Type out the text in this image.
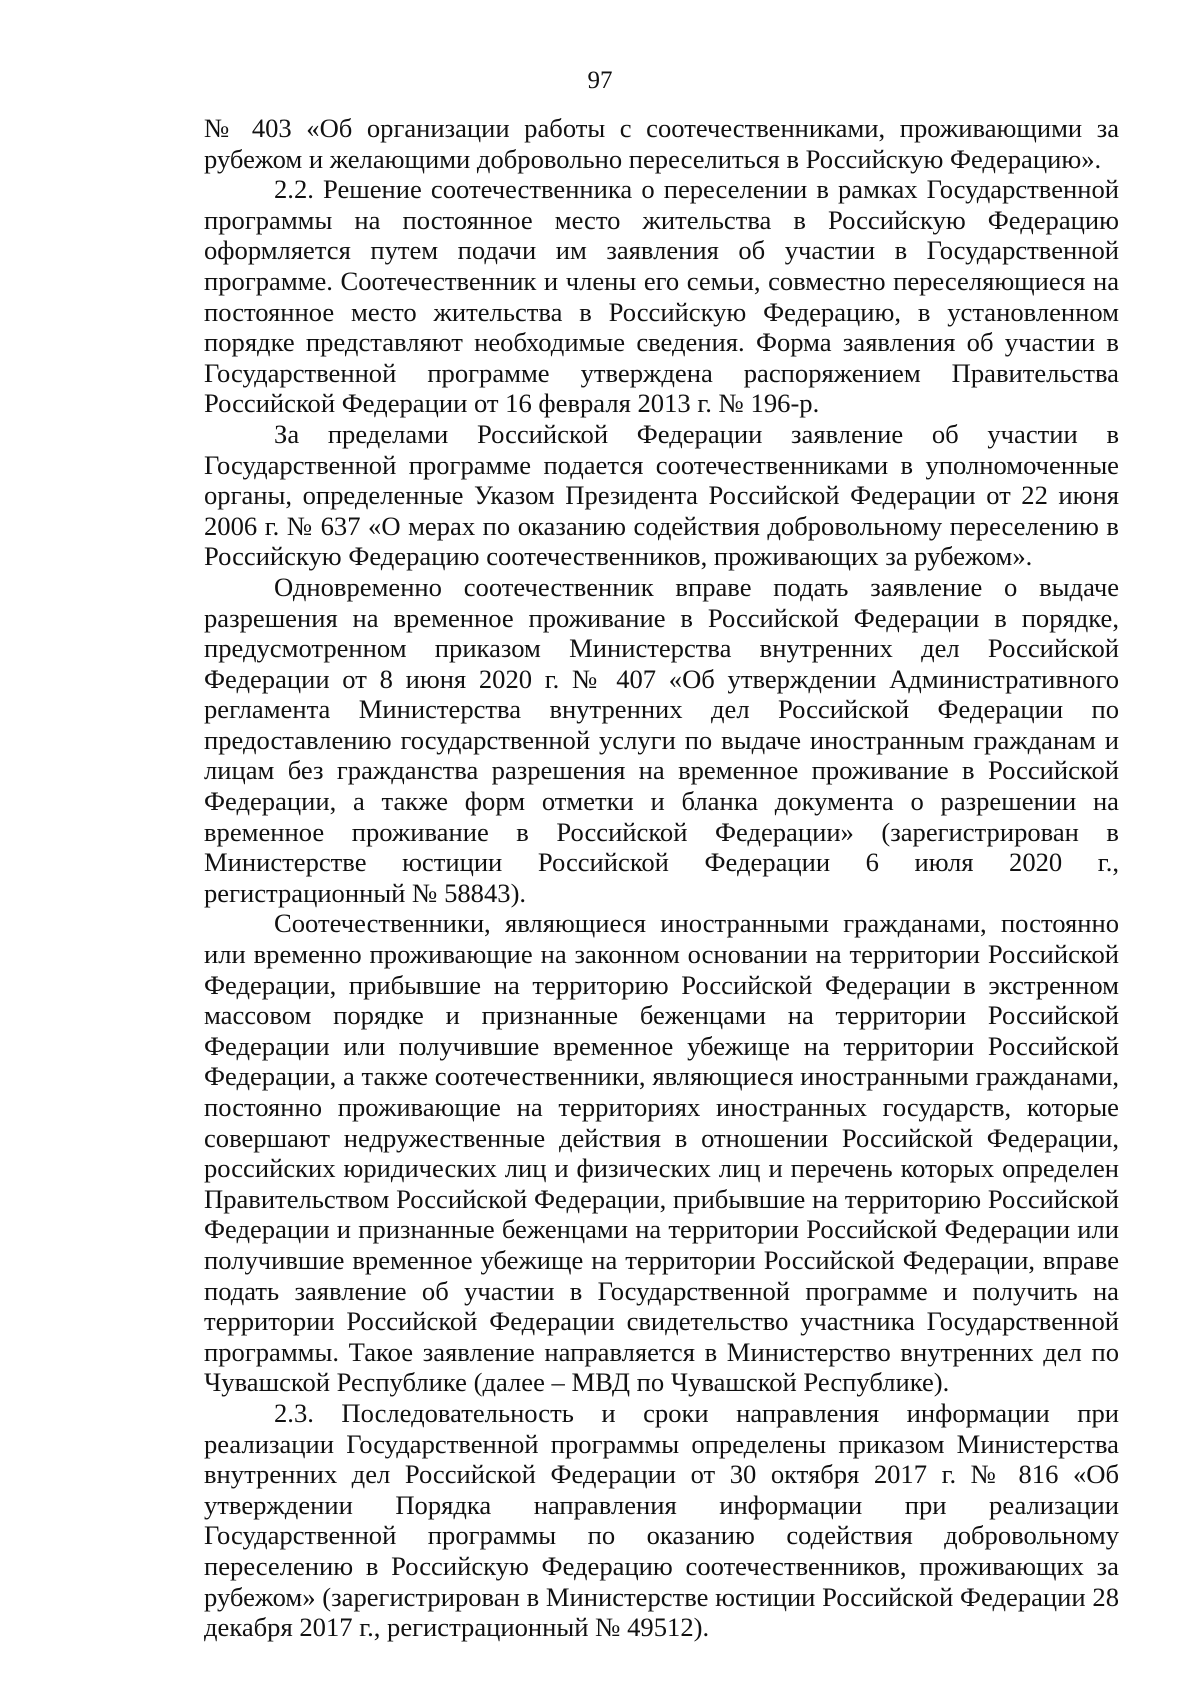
97

№ 403 «Об организации работы с соотечественниками, проживающими за рубежом и желающими добровольно переселиться в Российскую Федерацию».

2.2. Решение соотечественника о переселении в рамках Государственной программы на постоянное место жительства в Российскую Федерацию оформляется путем подачи им заявления об участии в Государственной программе. Соотечественник и члены его семьи, совместно переселяющиеся на постоянное место жительства в Российскую Федерацию, в установленном порядке представляют необходимые сведения. Форма заявления об участии в Государственной программе утверждена распоряжением Правительства Российской Федерации от 16 февраля 2013 г. № 196-р.

За пределами Российской Федерации заявление об участии в Государственной программе подается соотечественниками в уполномоченные органы, определенные Указом Президента Российской Федерации от 22 июня 2006 г. № 637 «О мерах по оказанию содействия добровольному переселению в Российскую Федерацию соотечественников, проживающих за рубежом».

Одновременно соотечественник вправе подать заявление о выдаче разрешения на временное проживание в Российской Федерации в порядке, предусмотренном приказом Министерства внутренних дел Российской Федерации от 8 июня 2020 г. № 407 «Об утверждении Административного регламента Министерства внутренних дел Российской Федерации по предоставлению государственной услуги по выдаче иностранным гражданам и лицам без гражданства разрешения на временное проживание в Российской Федерации, а также форм отметки и бланка документа о разрешении на временное проживание в Российской Федерации» (зарегистрирован в Министерстве юстиции Российской Федерации 6 июля 2020 г., регистрационный № 58843).

Соотечественники, являющиеся иностранными гражданами, постоянно или временно проживающие на законном основании на территории Российской Федерации, прибывшие на территорию Российской Федерации в экстренном массовом порядке и признанные беженцами на территории Российской Федерации или получившие временное убежище на территории Российской Федерации, а также соотечественники, являющиеся иностранными гражданами, постоянно проживающие на территориях иностранных государств, которые совершают недружественные действия в отношении Российской Федерации, российских юридических лиц и физических лиц и перечень которых определен Правительством Российской Федерации, прибывшие на территорию Российской Федерации и признанные беженцами на территории Российской Федерации или получившие временное убежище на территории Российской Федерации, вправе подать заявление об участии в Государственной программе и получить на территории Российской Федерации свидетельство участника Государственной программы. Такое заявление направляется в Министерство внутренних дел по Чувашской Республике (далее – МВД по Чувашской Республике).

2.3. Последовательность и сроки направления информации при реализации Государственной программы определены приказом Министерства внутренних дел Российской Федерации от 30 октября 2017 г. № 816 «Об утверждении Порядка направления информации при реализации Государственной программы по оказанию содействия добровольному переселению в Российскую Федерацию соотечественников, проживающих за рубежом» (зарегистрирован в Министерстве юстиции Российской Федерации 28 декабря 2017 г., регистрационный № 49512).
